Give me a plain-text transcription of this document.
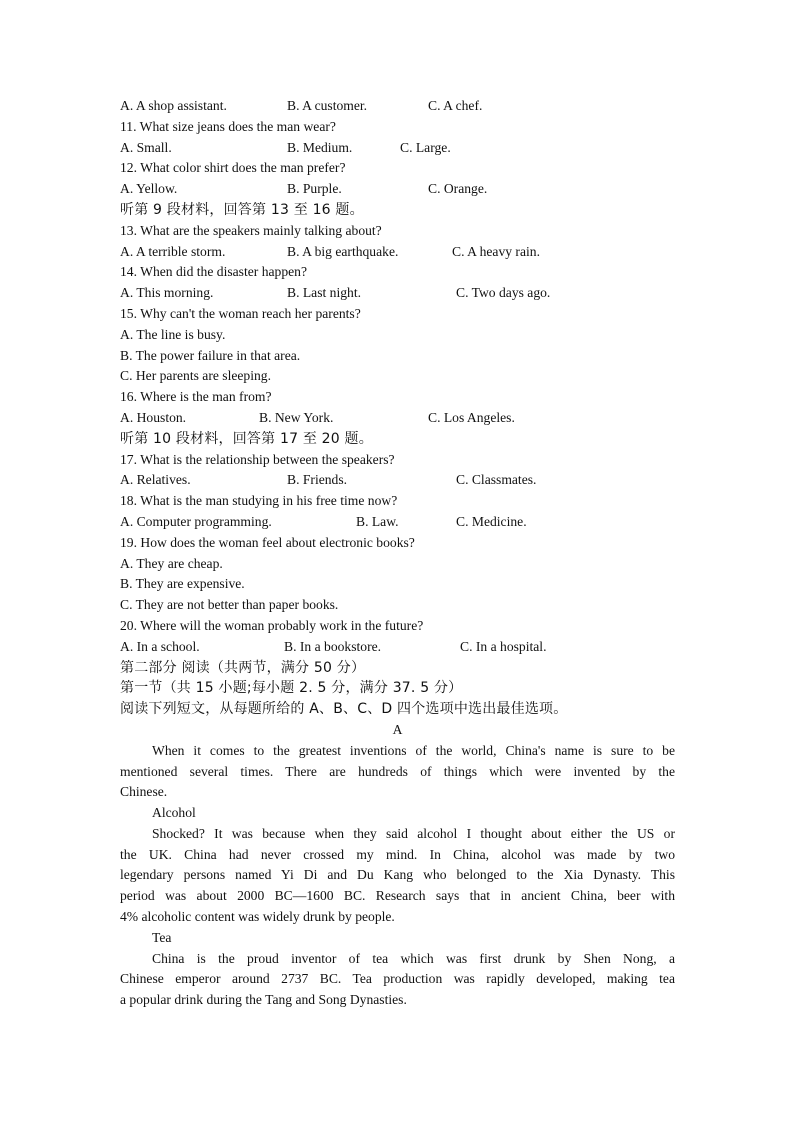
A. A shop assistant.	B. A customer.	C. A chef.
11. What size jeans does the man wear?
A. Small.	B. Medium.	C. Large.
12. What color shirt does the man prefer?
A. Yellow.	B. Purple.	C. Orange.
听第 9 段材料，回答第 13 至 16 题。
13. What are the speakers mainly talking about?
A. A terrible storm.	B. A big earthquake.	C. A heavy rain.
14. When did the disaster happen?
A. This morning.	B. Last night.	C. Two days ago.
15. Why can't the woman reach her parents?
A. The line is busy.
B. The power failure in that area.
C. Her parents are sleeping.
16. Where is the man from?
A. Houston.	B. New York.	C. Los Angeles.
听第 10 段材料，回答第 17 至 20 题。
17. What is the relationship between the speakers?
A. Relatives.	B. Friends.	C. Classmates.
18. What is the man studying in his free time now?
A. Computer programming.	B. Law.	C. Medicine.
19. How does the woman feel about electronic books?
A. They are cheap.
B. They are expensive.
C. They are not better than paper books.
20. Where will the woman probably work in the future?
A. In a school.	B. In a bookstore.	C. In a hospital.
第二部分 阅读（共两节，满分 50 分）
第一节（共 15 小题;每小题 2. 5 分，满分 37. 5 分）
阅读下列短文，从每题所给的 A、B、C、D 四个选项中选出最佳选项。
A
When it comes to the greatest inventions of the world, China's name is sure to be
mentioned several times. There are hundreds of things which were invented by the
Chinese.
Alcohol
Shocked? It was because when they said alcohol I thought about either the US or
the UK. China had never crossed my mind. In China, alcohol was made by two
legendary persons named Yi Di and Du Kang who belonged to the Xia Dynasty. This
period was about 2000 BC—1600 BC. Research says that in ancient China, beer with
4% alcoholic content was widely drunk by people.
Tea
China is the proud inventor of tea which was first drunk by Shen Nong, a
Chinese emperor around 2737 BC. Tea production was rapidly developed, making tea
a popular drink during the Tang and Song Dynasties.
